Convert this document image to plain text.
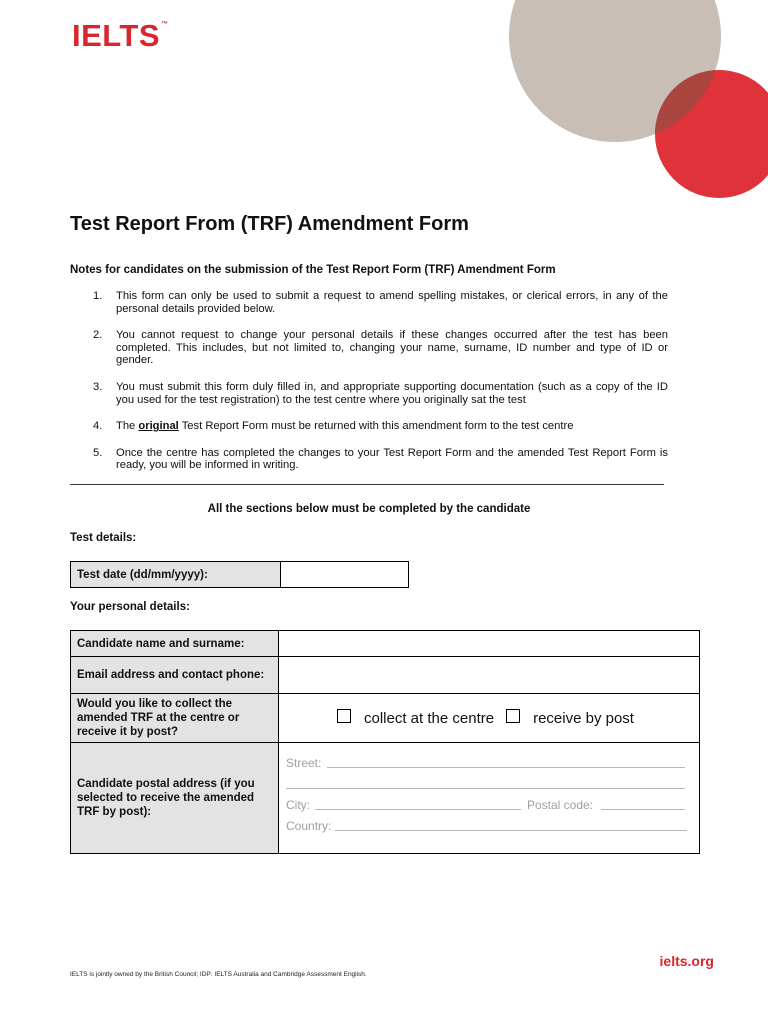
IELTS™
Test Report From (TRF) Amendment Form
Notes for candidates on the submission of the Test Report Form (TRF) Amendment Form
1. This form can only be used to submit a request to amend spelling mistakes, or clerical errors, in any of the personal details provided below.
2. You cannot request to change your personal details if these changes occurred after the test has been completed. This includes, but not limited to, changing your name, surname, ID number and type of ID or gender.
3. You must submit this form duly filled in, and appropriate supporting documentation (such as a copy of the ID you used for the test registration) to the test centre where you originally sat the test
4. The original Test Report Form must be returned with this amendment form to the test centre
5. Once the centre has completed the changes to your Test Report Form and the amended Test Report Form is ready, you will be informed in writing.
All the sections below must be completed by the candidate
Test details:
Test date (dd/mm/yyyy):	
Your personal details:
Candidate name and surname:	
Email address and contact phone:	
Would you like to collect the amended TRF at the centre or receive it by post?	collect at the centre receive by post

Candidate postal address (if you selected to receive the amended TRF by post):	Street:
City: Postal code:
Country:
ielts.org
IELTS is jointly owned by the British Council; IDP: IELTS Australia and Cambridge Assessment English.
